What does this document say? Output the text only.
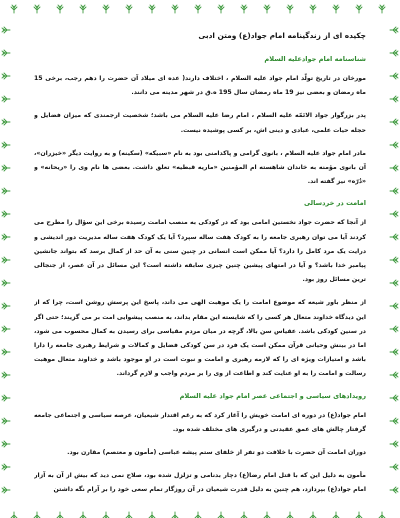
چکیده ای از زندگینامه امام جواد(ع) ومتن ادبی
شناسنامه امام جوادعلیه السلام

مورخان در تاریخ تولّد امام جواد علیه السلام ، اختلاف دارند( عده ای میلاد آن حضرت را دهم رجب، برخی 15 ماه رمضان و بعضی نیز 19 ماه رمضان سال 195 ه.ق در شهر مدینه می دانند.

پدر بزرگوار جواد الائمّه علیه السلام ، امام رضا علیه السلام می باشد؛ شخصیت ارجمندی که میزان فضایل و حجله حیات علمی، عبادی و دینی اش، بر کسی پوشیده نیست.

مادر امام جواد علیه السلام ، بانوی گرامی و پاکدامنی بود به نام «سبیکه» (سکینه) و به روایت دیگر «خیزران»، آن بانوی مؤمنه به خاندان شاهسته ام المؤمنین «ماریه قبطیه» تعلق داشت. بعضی ها نام وی را «ریحانه» و «دُرّه» نیز گفته اند.

امامت در خردسالی

از آنجا که حضرت جواد نخستین امامی بود که در کودکی به منصب امامت رسیده برخی این سؤال را مطرح می کردند آیا می توان رهبری جامعه را به کودک هفت ساله سپرد؟ آیا یک کودک هفت ساله مدیریت دور اندیشی و درایت یک مرد کامل را دارد؟ آیا ممکن است انسانی در چنین سنی به آن حد از کمال برسد که بتواند جانشین پیامبر خدا باشد؟ و آیا در امتهای پیشین چنین چیزی سابقه داشته است؟ این مسائل در آن عصر، از جنجالی ترین مسائل روز بود.

از منظر باور شیعه که موضوع امامت را یک موهبت الهی می داند، پاسخ این پرسش روشن است، چرا که از این دیدگاه خداوند متعال هر کسی را که شایسته این مقام بداند، به منصب پیشوایی امت بر می گزیند؛ حتی اگر در سنین کودکی باشد. عقیاس سن بالا، گرچه در میان مردم مقیاسی برای رسیدن به کمال محسوب می شود، اما در بینش وحیانی قرآن ممکن است یک فرد در سن کودکی فضایل و کمالات و شرایط رهبری جامعه را دارا باشد و امتیازات ویژه ای را که لازمه رهبری و امامت و نبوت است در او موجود باشد و خداوند متعال موهبت رسالت و امامت را به او عنایت کند و اطاعت از وی را بر مردم واجب و لازم گرداند.

رویدادهای سیاسی و اجتماعی عصر امام جواد علیه السلام

امام جواد(ع) در دوره ای امامت خویش را آغاز کرد که به رغم اقتدار شیعیان، عرصه سیاسی و اجتماعی جامعه گرفتار چالش های عمق عقیدتی و درگیری های مختلف شده بود.

دوران امامت آن حضرت با خلافت دو تفر از خلفای ستم پیشه عباسی (مأمون و معتصم) مقارن بود.

مأمون به دلیل این که با قتل امام رضا(ع) دچار بدنامی و تزلزل شده بود، صلاح نمی دید که بیش از آن به آزار امام جواد(ع) بپردازد، هم چنین به دلیل قدرت شیعیان در آن روزگار تمام سعی خود را بر آرام نگه داشتن
